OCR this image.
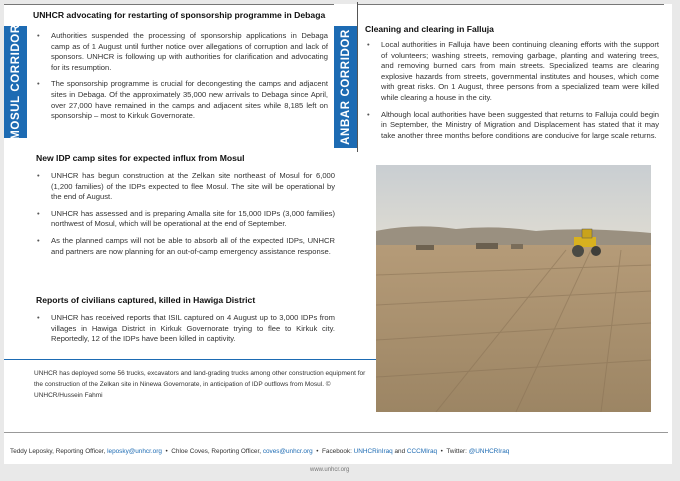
MOSUL CORRIDOR	ANBAR CORRIDOR
UNHCR advocating for restarting of sponsorship programme in Debaga
• Authorities suspended the processing of sponsorship applications in Debaga camp as of 1 August until further notice over allegations of corruption and lack of sponsors. UNHCR is following up with authorities for clarification and advocating for its resumption.
• The sponsorship programme is crucial for decongesting the camps and adjacent sites in Debaga. Of the approximately 35,000 new arrivals to Debaga since April, over 27,000 have remained in the camps and adjacent sites while 8,185 left on sponsorship – most to Kirkuk Governorate.
New IDP camp sites for expected influx from Mosul
• UNHCR has begun construction at the Zelkan site northeast of Mosul for 6,000 (1,200 families) of the IDPs expected to flee Mosul. The site will be operational by the end of August.
• UNHCR has assessed and is preparing Amalla site for 15,000 IDPs (3,000 families) northwest of Mosul, which will be operational at the end of September.
• As the planned camps will not be able to absorb all of the expected IDPs, UNHCR and partners are now planning for an out-of-camp emergency assistance response.
Reports of civilians captured, killed in Hawiga District
• UNHCR has received reports that ISIL captured on 4 August up to 3,000 IDPs from villages in Hawiga District in Kirkuk Governorate trying to flee to Kirkuk city. Reportedly, 12 of the IDPs have been killed in captivity.
UNHCR has deployed some 56 trucks, excavators and land-grading trucks among other construction equipment for the construction of the Zelkan site in Ninewa Governorate, in anticipation of IDP outflows from Mosul. © UNHCR/Hussein Fahmi
Cleaning and clearing in Falluja
• Local authorities in Falluja have been continuing cleaning efforts with the support of volunteers; washing streets, removing garbage, planting and watering trees, and removing burned cars from main streets. Specialized teams are clearing explosive hazards from streets, governmental institutes and houses, which come with great risks. On 1 August, three persons from a specialized team were killed while clearing a house in the city.
• Although local authorities have been suggested that returns to Falluja could begin in September, the Ministry of Migration and Displacement has stated that it may take another three months before conditions are conducive for large scale returns.
Teddy Leposky, Reporting Officer, leposky@unhcr.org • Chloe Coves, Reporting Officer, coves@unhcr.org • Facebook: UNHCRinIraq and CCCMIraq • Twitter: @UNHCRIraq
www.unhcr.org
